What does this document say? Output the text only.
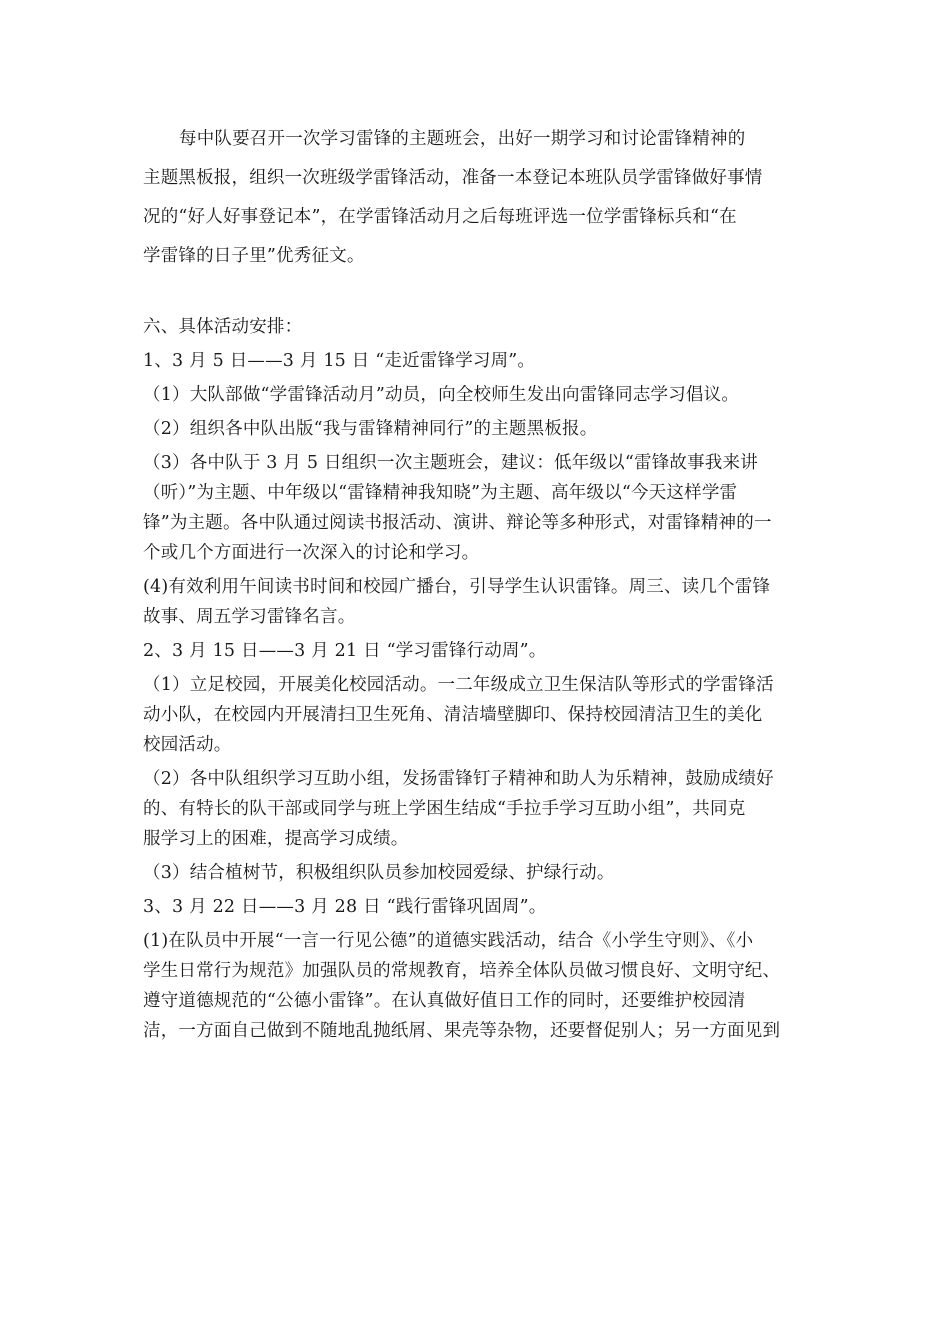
每中队要召开一次学习雷锋的主题班会，出好一期学习和讨论雷锋精神的
主题黑板报，组织一次班级学雷锋活动，准备一本登记本班队员学雷锋做好事情
况的“好人好事登记本”，在学雷锋活动月之后每班评选一位学雷锋标兵和“在
学雷锋的日子里”优秀征文。
六、具体活动安排：
1、3 月 5 日——3 月 15 日 “走近雷锋学习周”。
（1）大队部做“学雷锋活动月”动员，向全校师生发出向雷锋同志学习倡议。
（2）组织各中队出版“我与雷锋精神同行”的主题黑板报。
（3）各中队于 3 月 5 日组织一次主题班会，建议：低年级以“雷锋故事我来讲
（听）”为主题、中年级以“雷锋精神我知晓”为主题、高年级以“今天这样学雷
锋”为主题。各中队通过阅读书报活动、演讲、辩论等多种形式，对雷锋精神的一
个或几个方面进行一次深入的讨论和学习。
(4)有效利用午间读书时间和校园广播台，引导学生认识雷锋。周三、读几个雷锋
故事、周五学习雷锋名言。
2、3 月 15 日——3 月 21 日 “学习雷锋行动周”。
（1）立足校园，开展美化校园活动。一二年级成立卫生保洁队等形式的学雷锋活
动小队，在校园内开展清扫卫生死角、清洁墙壁脚印、保持校园清洁卫生的美化
校园活动。
（2）各中队组织学习互助小组，发扬雷锋钉子精神和助人为乐精神，鼓励成绩好
的、有特长的队干部或同学与班上学困生结成“手拉手学习互助小组”，共同克
服学习上的困难，提高学习成绩。
（3）结合植树节，积极组织队员参加校园爱绿、护绿行动。
3、3 月 22 日——3 月 28 日 “践行雷锋巩固周”。
(1)在队员中开展“一言一行见公德”的道德实践活动，结合《小学生守则》、《小
学生日常行为规范》加强队员的常规教育，培养全体队员做习惯良好、文明守纪、
遵守道德规范的“公德小雷锋”。在认真做好值日工作的同时，还要维护校园清
洁，一方面自己做到不随地乱抛纸屑、果壳等杂物，还要督促别人；另一方面见到
